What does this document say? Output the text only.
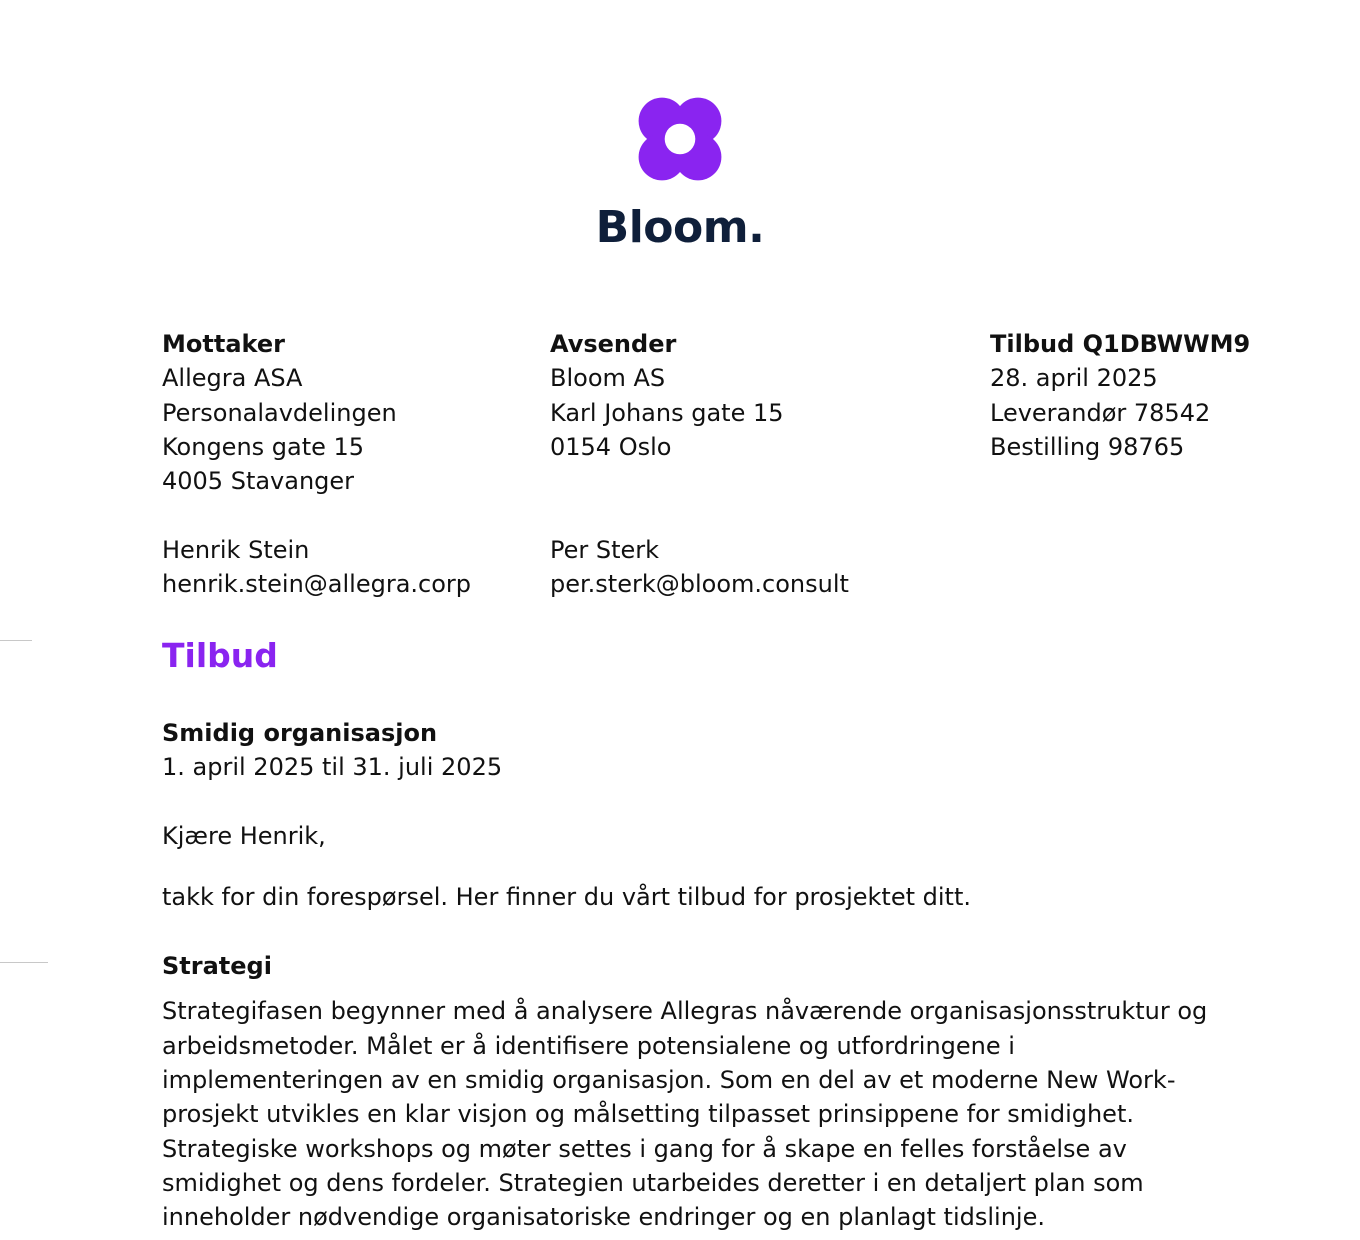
Bloom.
Mottaker
Allegra ASA
Personalavdelingen
Kongens gate 15
4005 Stavanger
Henrik Stein
henrik.stein@allegra.corp
Avsender
Bloom AS
Karl Johans gate 15
0154 Oslo
Per Sterk
per.sterk@bloom.consult
Tilbud Q1DBWWM9
28. april 2025
Leverandør 78542
Bestilling 98765
Tilbud
Smidig organisasjon
1. april 2025 til 31. juli 2025
Kjære Henrik,
takk for din forespørsel. Her finner du vårt tilbud for prosjektet ditt.
Strategi
Strategifasen begynner med å analysere Allegras nåværende organisasjonsstruktur og arbeidsmetoder. Målet er å identifisere potensialene og utfordringene i implementeringen av en smidig organisasjon. Som en del av et moderne New Work-prosjekt utvikles en klar visjon og målsetting tilpasset prinsippene for smidighet. Strategiske workshops og møter settes i gang for å skape en felles forståelse av smidighet og dens fordeler. Strategien utarbeides deretter i en detaljert plan som inneholder nødvendige organisatoriske endringer og en planlagt tidslinje.
